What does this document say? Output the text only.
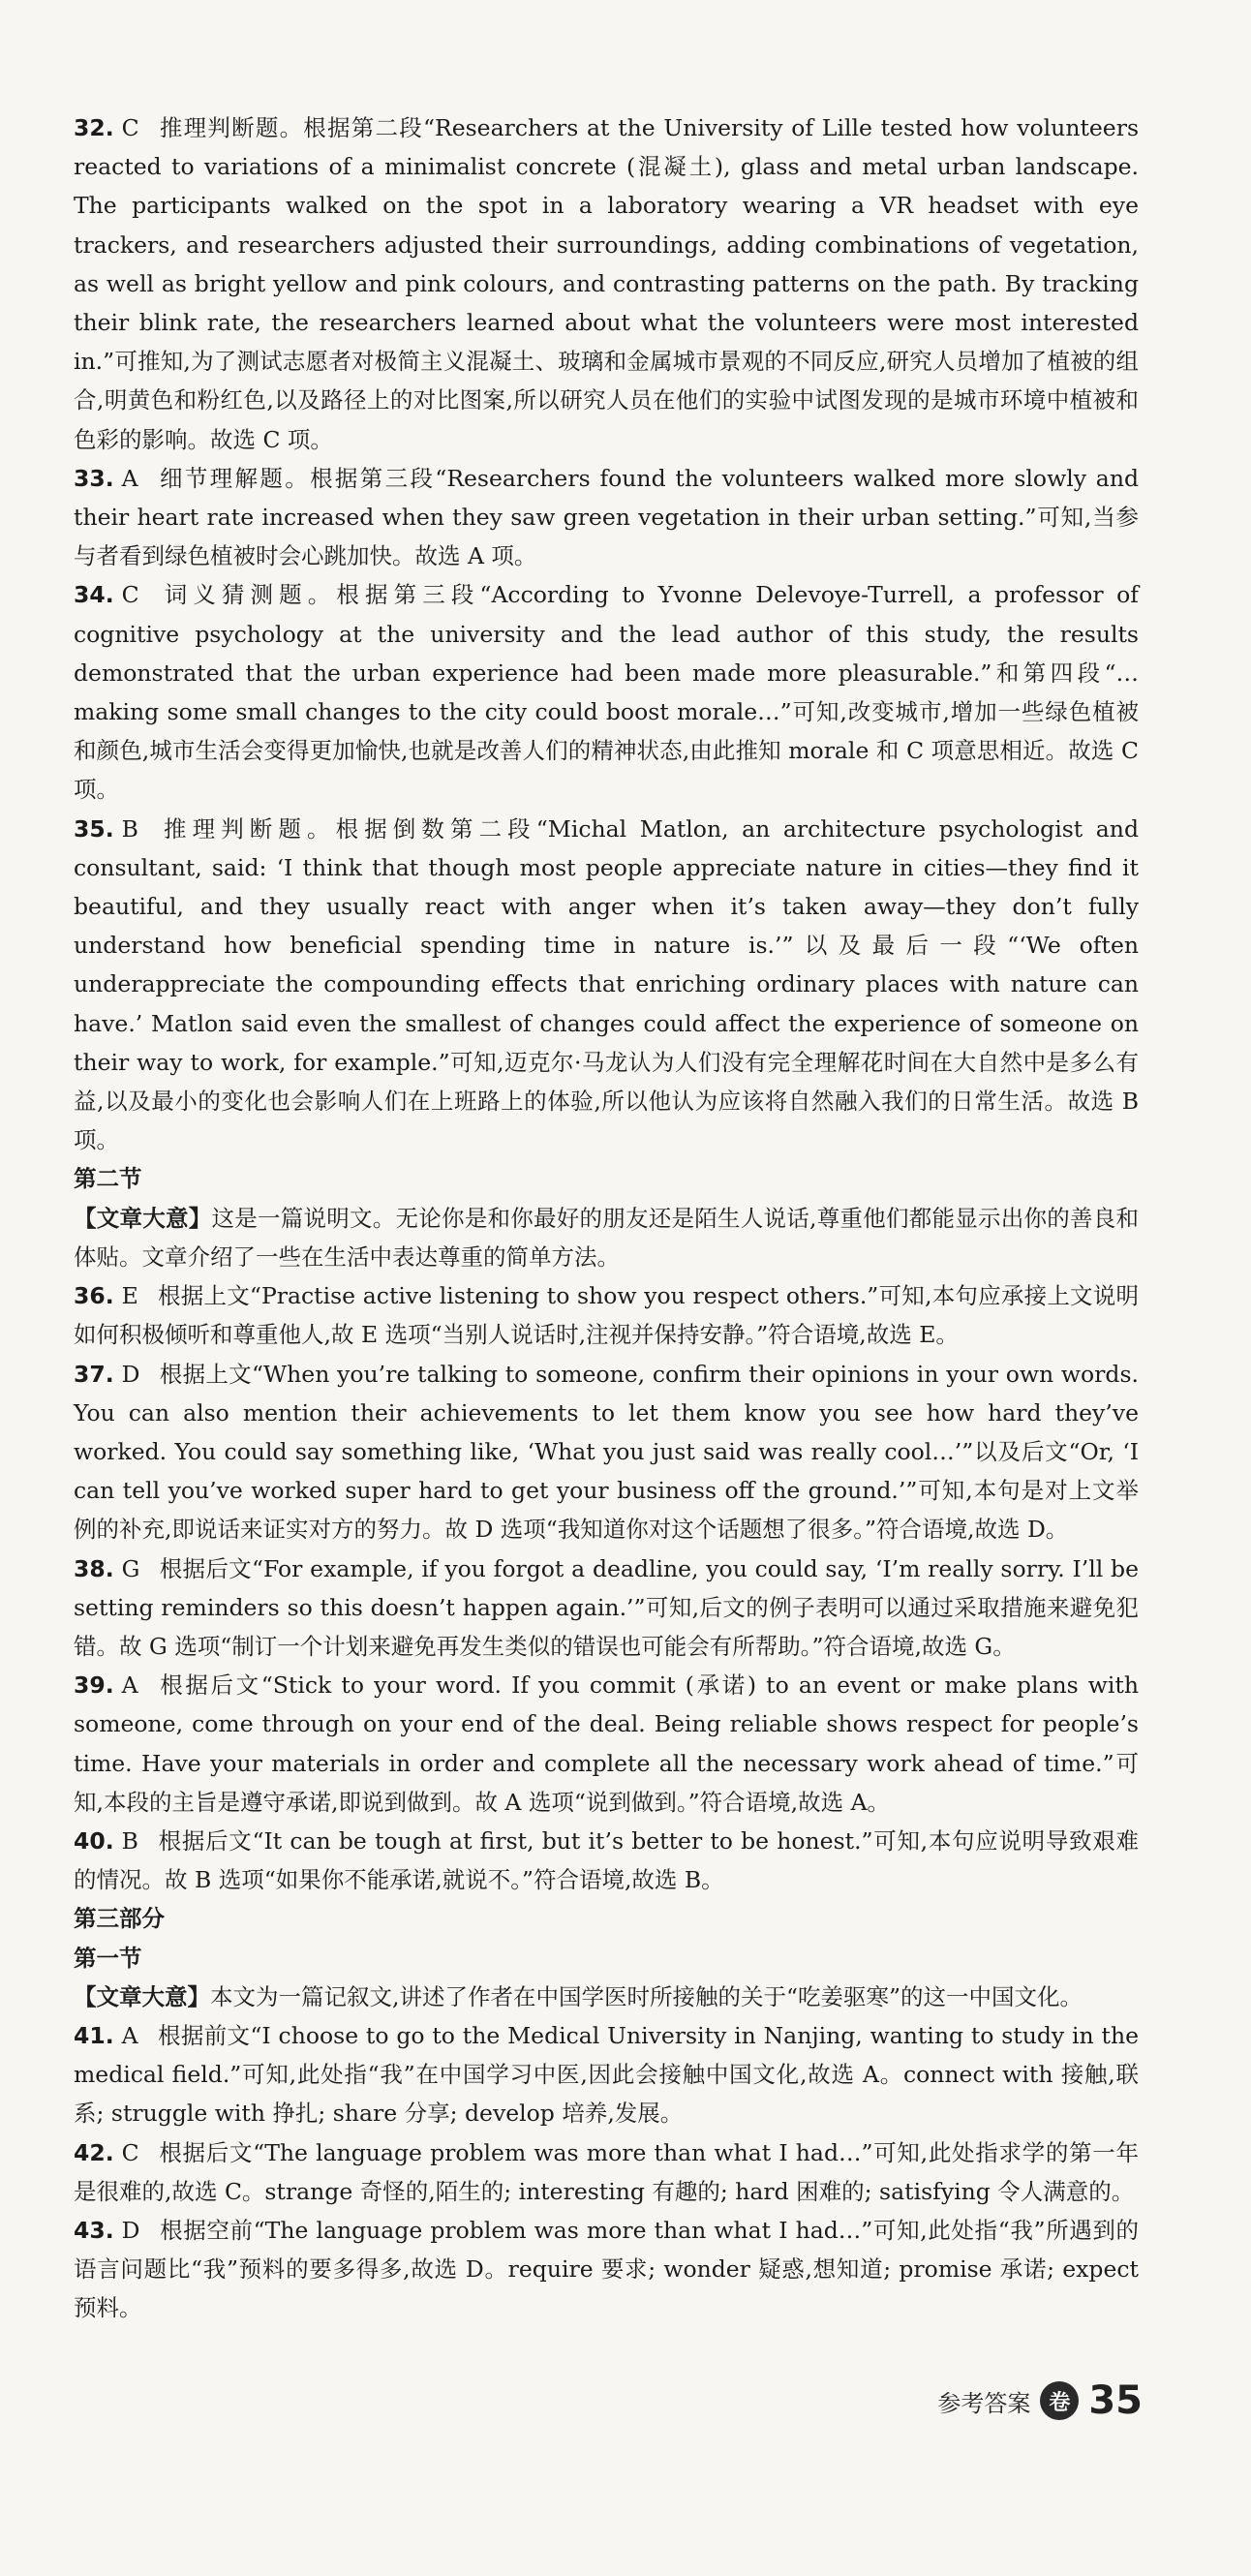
32. C 推理判断题。根据第二段“Researchers at the University of Lille tested how volunteers reacted to variations of a minimalist concrete (混凝土), glass and metal urban landscape. The participants walked on the spot in a laboratory wearing a VR headset with eye trackers, and researchers adjusted their surroundings, adding combinations of vegetation, as well as bright yellow and pink colours, and contrasting patterns on the path. By tracking their blink rate, the researchers learned about what the volunteers were most interested in.”可推知,为了测试志愿者对极简主义混凝土、玻璃和金属城市景观的不同反应,研究人员增加了植被的组合,明黄色和粉红色,以及路径上的对比图案,所以研究人员在他们的实验中试图发现的是城市环境中植被和色彩的影响。故选 C 项。

33. A 细节理解题。根据第三段“Researchers found the volunteers walked more slowly and their heart rate increased when they saw green vegetation in their urban setting.”可知,当参与者看到绿色植被时会心跳加快。故选 A 项。

34. C 词义猜测题。根据第三段“According to Yvonne Delevoye-Turrell, a professor of cognitive psychology at the university and the lead author of this study, the results demonstrated that the urban experience had been made more pleasurable.”和第四段“… making some small changes to the city could boost morale…”可知,改变城市,增加一些绿色植被和颜色,城市生活会变得更加愉快,也就是改善人们的精神状态,由此推知 morale 和 C 项意思相近。故选 C 项。

35. B 推理判断题。根据倒数第二段“Michal Matlon, an architecture psychologist and consultant, said: ‘I think that though most people appreciate nature in cities—they find it beautiful, and they usually react with anger when it’s taken away—they don’t fully understand how beneficial spending time in nature is.’”以及最后一段“‘We often underappreciate the compounding effects that enriching ordinary places with nature can have.’ Matlon said even the smallest of changes could affect the experience of someone on their way to work, for example.”可知,迈克尔·马龙认为人们没有完全理解花时间在大自然中是多么有益,以及最小的变化也会影响人们在上班路上的体验,所以他认为应该将自然融入我们的日常生活。故选 B 项。

第二节

【文章大意】这是一篇说明文。无论你是和你最好的朋友还是陌生人说话,尊重他们都能显示出你的善良和体贴。文章介绍了一些在生活中表达尊重的简单方法。

36. E 根据上文“Practise active listening to show you respect others.”可知,本句应承接上文说明如何积极倾听和尊重他人,故 E 选项“当别人说话时,注视并保持安静。”符合语境,故选 E。

37. D 根据上文“When you’re talking to someone, confirm their opinions in your own words. You can also mention their achievements to let them know you see how hard they’ve worked. You could say something like, ‘What you just said was really cool…’”以及后文“Or, ‘I can tell you’ve worked super hard to get your business off the ground.’”可知,本句是对上文举例的补充,即说话来证实对方的努力。故 D 选项“我知道你对这个话题想了很多。”符合语境,故选 D。

38. G 根据后文“For example, if you forgot a deadline, you could say, ‘I’m really sorry. I’ll be setting reminders so this doesn’t happen again.’”可知,后文的例子表明可以通过采取措施来避免犯错。故 G 选项“制订一个计划来避免再发生类似的错误也可能会有所帮助。”符合语境,故选 G。

39. A 根据后文“Stick to your word. If you commit (承诺) to an event or make plans with someone, come through on your end of the deal. Being reliable shows respect for people’s time. Have your materials in order and complete all the necessary work ahead of time.”可知,本段的主旨是遵守承诺,即说到做到。故 A 选项“说到做到。”符合语境,故选 A。

40. B 根据后文“It can be tough at first, but it’s better to be honest.”可知,本句应说明导致艰难的情况。故 B 选项“如果你不能承诺,就说不。”符合语境,故选 B。

第三部分

第一节

【文章大意】本文为一篇记叙文,讲述了作者在中国学医时所接触的关于“吃姜驱寒”的这一中国文化。

41. A 根据前文“I choose to go to the Medical University in Nanjing, wanting to study in the medical field.”可知,此处指“我”在中国学习中医,因此会接触中国文化,故选 A。connect with 接触,联系; struggle with 挣扎; share 分享; develop 培养,发展。

42. C 根据后文“The language problem was more than what I had…”可知,此处指求学的第一年是很难的,故选 C。strange 奇怪的,陌生的; interesting 有趣的; hard 困难的; satisfying 令人满意的。

43. D 根据空前“The language problem was more than what I had…”可知,此处指“我”所遇到的语言问题比“我”预料的要多得多,故选 D。require 要求; wonder 疑惑,想知道; promise 承诺; expect 预料。

参考答案 卷 35
